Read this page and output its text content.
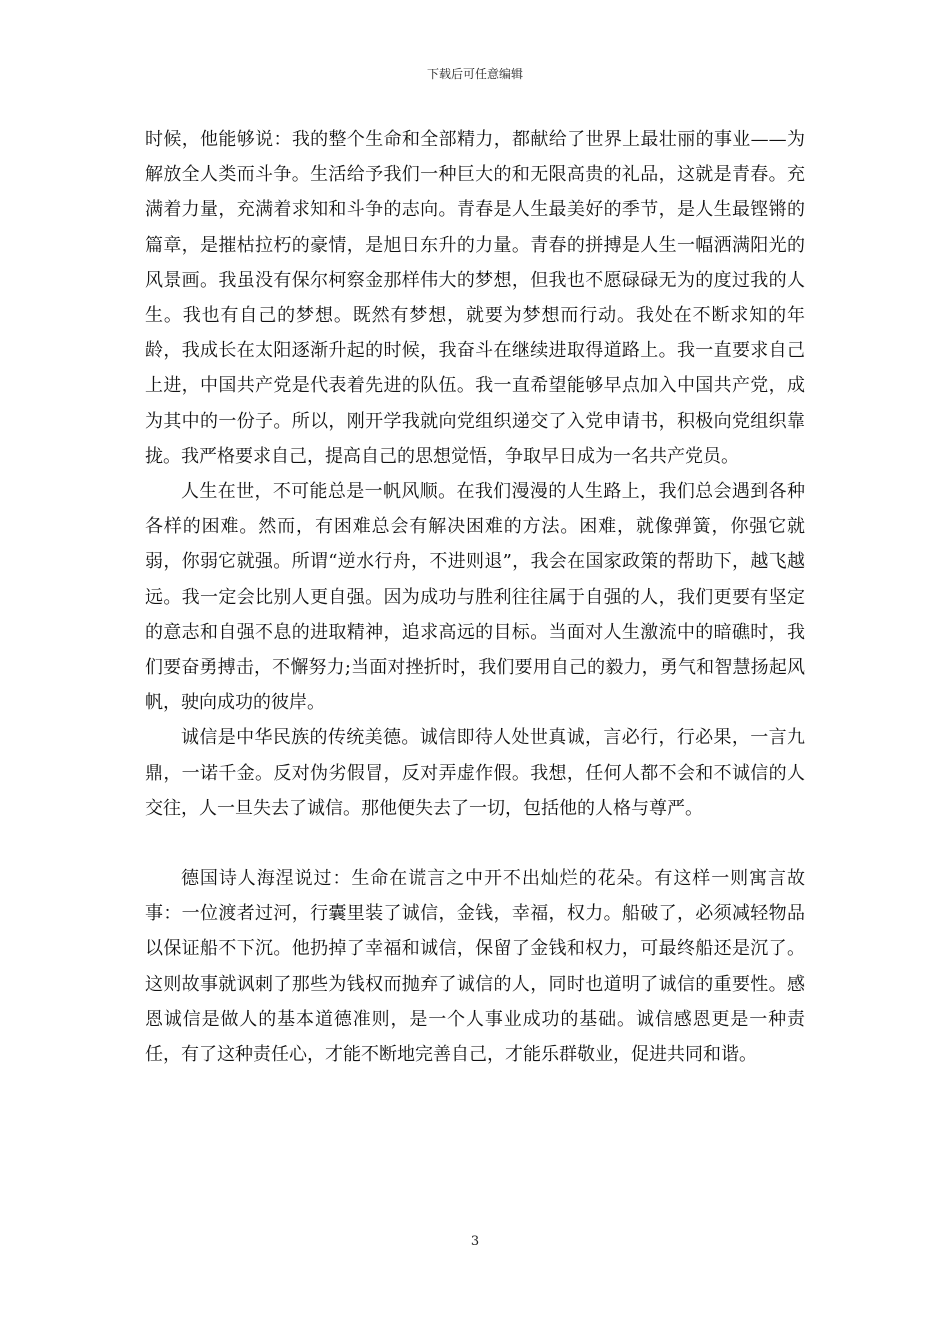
下载后可任意编辑

时候，他能够说：我的整个生命和全部精力，都献给了世界上最壮丽的事业——为解放全人类而斗争。生活给予我们一种巨大的和无限高贵的礼品，这就是青春。充满着力量，充满着求知和斗争的志向。青春是人生最美好的季节，是人生最铿锵的篇章，是摧枯拉朽的豪情，是旭日东升的力量。青春的拼搏是人生一幅洒满阳光的风景画。我虽没有保尔柯察金那样伟大的梦想，但我也不愿碌碌无为的度过我的人生。我也有自己的梦想。既然有梦想，就要为梦想而行动。我处在不断求知的年龄，我成长在太阳逐渐升起的时候，我奋斗在继续进取得道路上。我一直要求自己上进，中国共产党是代表着先进的队伍。我一直希望能够早点加入中国共产党，成为其中的一份子。所以，刚开学我就向党组织递交了入党申请书，积极向党组织靠拢。我严格要求自己，提高自己的思想觉悟，争取早日成为一名共产党员。

人生在世，不可能总是一帆风顺。在我们漫漫的人生路上，我们总会遇到各种各样的困难。然而，有困难总会有解决困难的方法。困难，就像弹簧，你强它就弱，你弱它就强。所谓“逆水行舟，不进则退”，我会在国家政策的帮助下，越飞越远。我一定会比别人更自强。因为成功与胜利往往属于自强的人，我们更要有坚定的意志和自强不息的进取精神，追求高远的目标。当面对人生激流中的暗礁时，我们要奋勇搏击，不懈努力;当面对挫折时，我们要用自己的毅力，勇气和智慧扬起风帆，驶向成功的彼岸。

诚信是中华民族的传统美德。诚信即待人处世真诚，言必行，行必果，一言九鼎，一诺千金。反对伪劣假冒，反对弄虚作假。我想，任何人都不会和不诚信的人交往，人一旦失去了诚信。那他便失去了一切，包括他的人格与尊严。

德国诗人海涅说过：生命在谎言之中开不出灿烂的花朵。有这样一则寓言故事：一位渡者过河，行囊里装了诚信，金钱，幸福，权力。船破了，必须减轻物品以保证船不下沉。他扔掉了幸福和诚信，保留了金钱和权力，可最终船还是沉了。这则故事就讽刺了那些为钱权而抛弃了诚信的人，同时也道明了诚信的重要性。感恩诚信是做人的基本道德准则，是一个人事业成功的基础。诚信感恩更是一种责任，有了这种责任心，才能不断地完善自己，才能乐群敬业，促进共同和谐。

3
